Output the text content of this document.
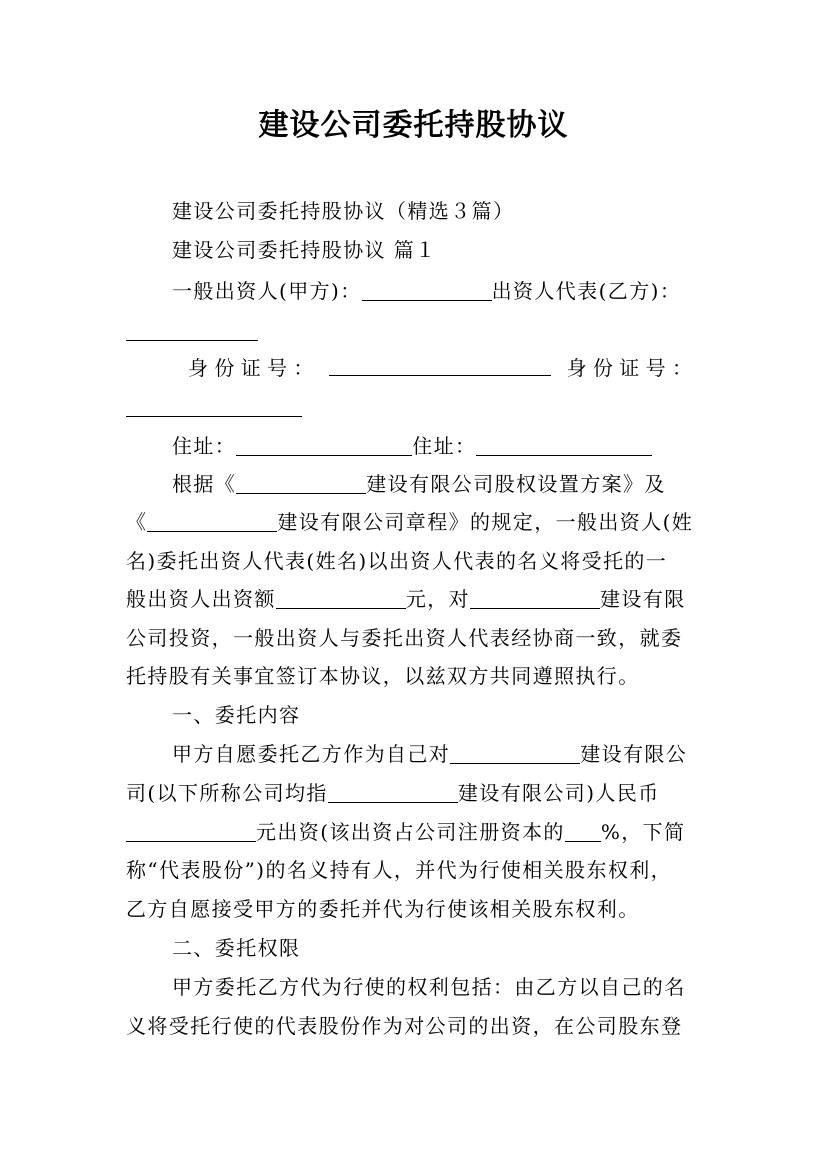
建设公司委托持股协议
建设公司委托持股协议（精选３篇）
建设公司委托持股协议 篇１
一般出资人(甲方)：	出资人代表(乙方)：
身 份 证 号 ：	身 份 证 号 ：
住址：	住址：
根据《	建设有限公司股权设置方案》及
《	建设有限公司章程》的规定，一般出资人(姓
名)委托出资人代表(姓名)以出资人代表的名义将受托的一
般出资人出资额	元，对	建设有限
公司投资，一般出资人与委托出资人代表经协商一致，就委
托持股有关事宜签订本协议，以兹双方共同遵照执行。
一、委托内容
甲方自愿委托乙方作为自己对	建设有限公
司(以下所称公司均指	建设有限公司)人民币
元出资(该出资占公司注册资本的 %，下简
称“代表股份”)的名义持有人，并代为行使相关股东权利，
乙方自愿接受甲方的委托并代为行使该相关股东权利。
二、委托权限
甲方委托乙方代为行使的权利包括：由乙方以自己的名
义将受托行使的代表股份作为对公司的出资，在公司股东登
